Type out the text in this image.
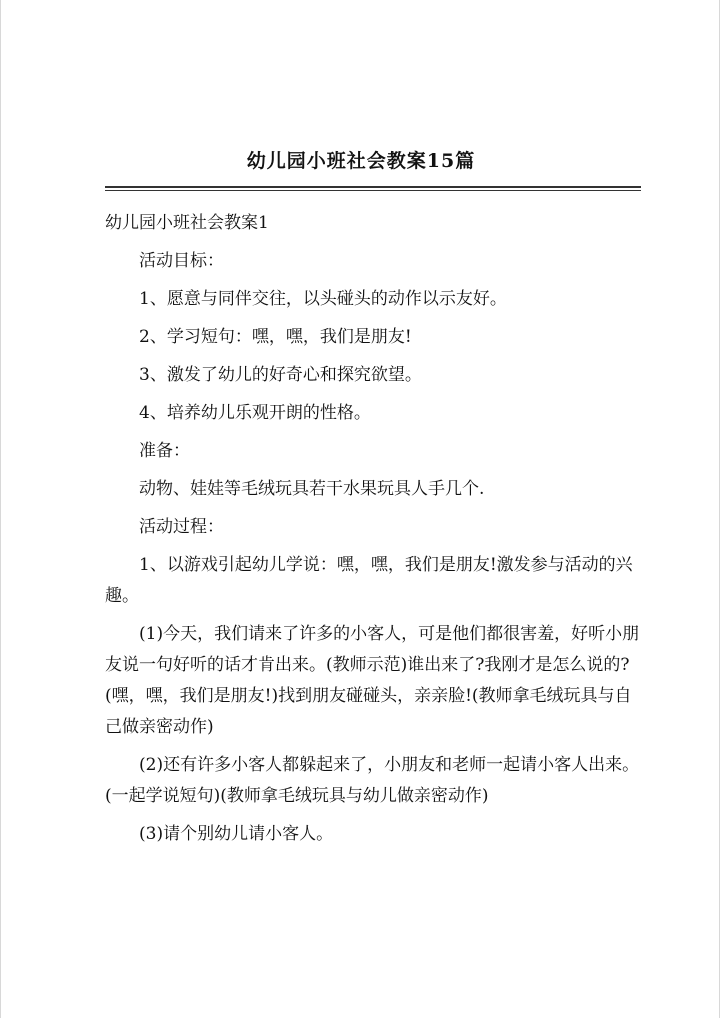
幼儿园小班社会教案15篇

幼儿园小班社会教案1

活动目标：

1、愿意与同伴交往，以头碰头的动作以示友好。

2、学习短句：嘿，嘿，我们是朋友!

3、激发了幼儿的好奇心和探究欲望。

4、培养幼儿乐观开朗的性格。

准备：

动物、娃娃等毛绒玩具若干水果玩具人手几个.

活动过程：

1、以游戏引起幼儿学说：嘿，嘿，我们是朋友!激发参与活动的兴趣。

(1)今天，我们请来了许多的小客人，可是他们都很害羞，好听小朋友说一句好听的话才肯出来。(教师示范)谁出来了?我刚才是怎么说的?(嘿，嘿，我们是朋友!)找到朋友碰碰头，亲亲脸!(教师拿毛绒玩具与自己做亲密动作)

(2)还有许多小客人都躲起来了，小朋友和老师一起请小客人出来。(一起学说短句)(教师拿毛绒玩具与幼儿做亲密动作)

(3)请个别幼儿请小客人。
